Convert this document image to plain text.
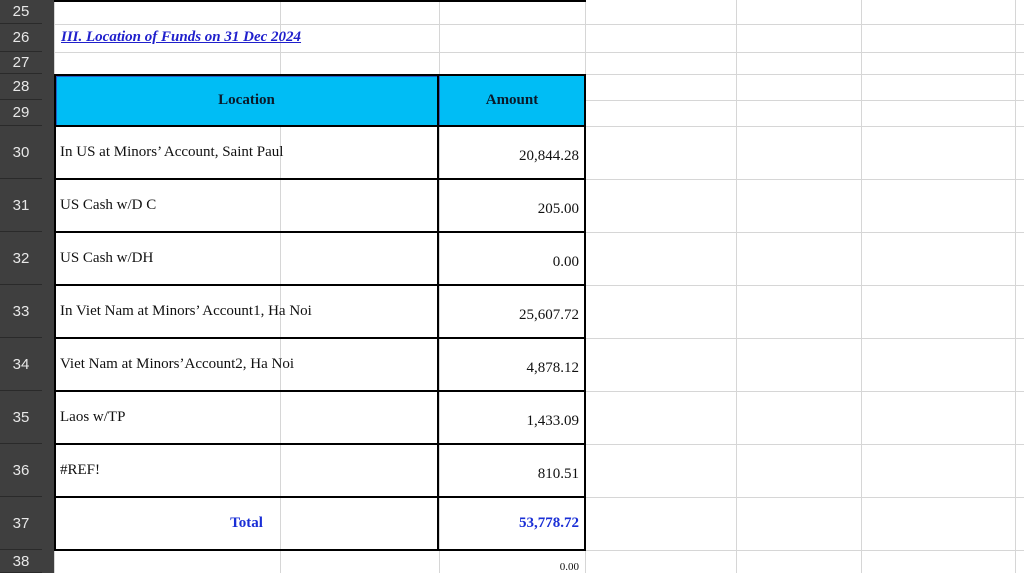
25
26
27
28
29
30
31
32
33
34
35
36
37
38
III. Location of Funds on 31 Dec 2024
Location	Amount
In US at Minors’ Account, Saint Paul	20,844.28
US Cash w/D C	205.00
US Cash w/DH	0.00
In Viet Nam at Minors’ Account1, Ha Noi	25,607.72
Viet Nam at Minors’Account2, Ha Noi	4,878.12
Laos w/TP	1,433.09
#REF!	810.51
Total	53,778.72
0.00
